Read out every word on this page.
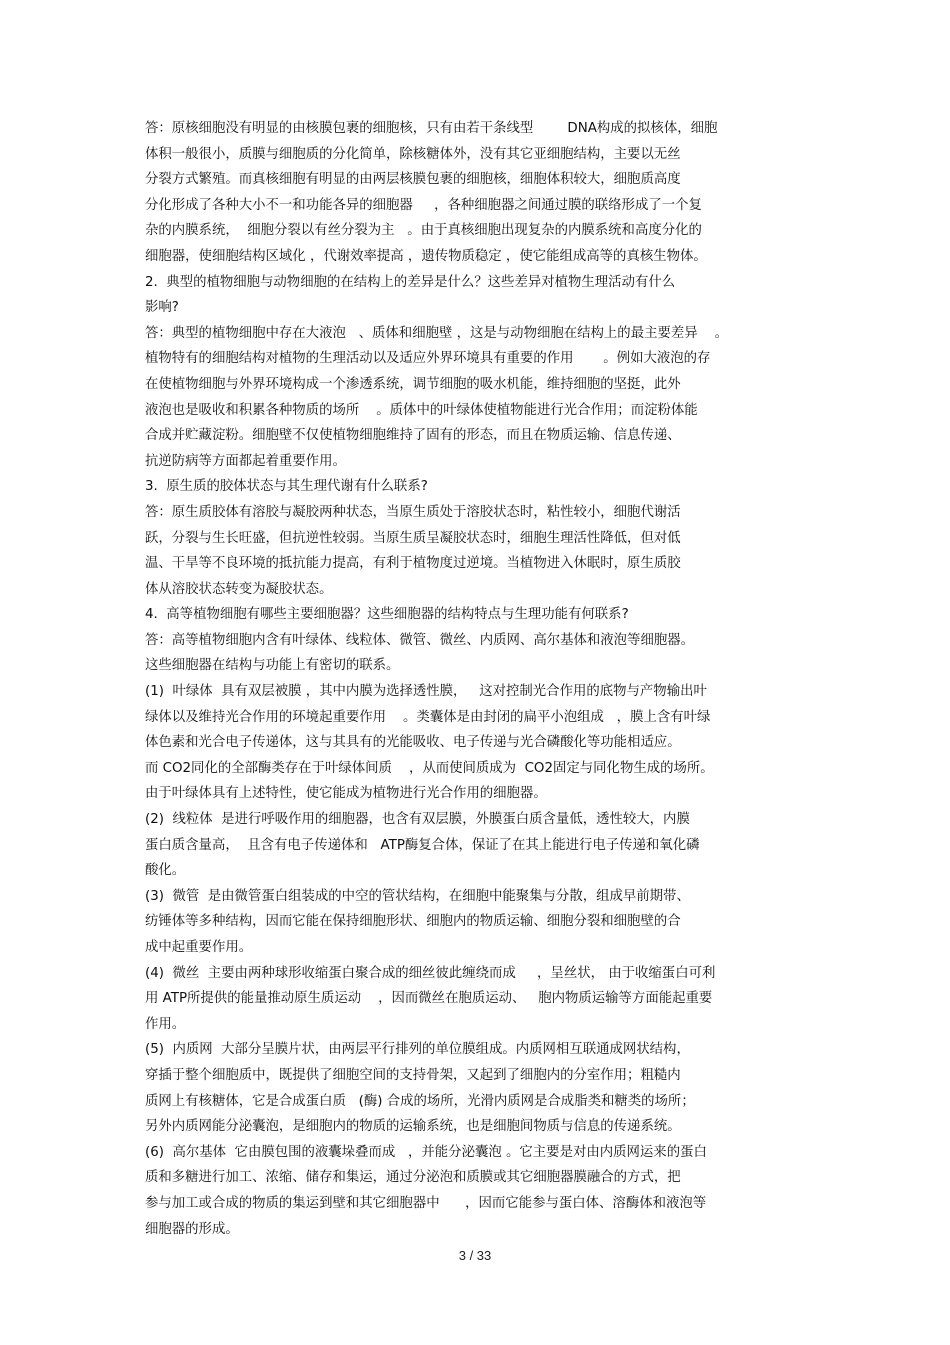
答：原核细胞没有明显的由核膜包裹的细胞核，只有由若干条线型        DNA构成的拟核体，细胞
体积一般很小，质膜与细胞质的分化简单，除核糖体外，没有其它亚细胞结构，主要以无丝
分裂方式繁殖。而真核细胞有明显的由两层核膜包裹的细胞核，细胞体积较大，细胞质高度
分化形成了各种大小不一和功能各异的细胞器     ，各种细胞器之间通过膜的联络形成了一个复
杂的内膜系统，  细胞分裂以有丝分裂为主   。由于真核细胞出现复杂的内膜系统和高度分化的
细胞器，使细胞结构区域化 ，代谢效率提高 ，遗传物质稳定 ，使它能组成高等的真核生物体。
2.  典型的植物细胞与动物细胞的在结构上的差异是什么？这些差异对植物生理活动有什么
影响?
答：典型的植物细胞中存在大液泡   、质体和细胞壁 ，这是与动物细胞在结构上的最主要差异    。
植物特有的细胞结构对植物的生理活动以及适应外界环境具有重要的作用       。例如大液泡的存
在使植物细胞与外界环境构成一个渗透系统，调节细胞的吸水机能，维持细胞的坚挺，此外
液泡也是吸收和积累各种物质的场所    。质体中的叶绿体使植物能进行光合作用；而淀粉体能
合成并贮藏淀粉。细胞壁不仅使植物细胞维持了固有的形态，而且在物质运输、信息传递、
抗逆防病等方面都起着重要作用。
3.  原生质的胶体状态与其生理代谢有什么联系?
答：原生质胶体有溶胶与凝胶两种状态，当原生质处于溶胶状态时，粘性较小，细胞代谢活
跃，分裂与生长旺盛，但抗逆性较弱。当原生质呈凝胶状态时，细胞生理活性降低，但对低
温、干旱等不良环境的抵抗能力提高，有利于植物度过逆境。当植物进入休眠时，原生质胶
体从溶胶状态转变为凝胶状态。
4.  高等植物细胞有哪些主要细胞器？这些细胞器的结构特点与生理功能有何联系?
答：高等植物细胞内含有叶绿体、线粒体、微管、微丝、内质网、高尔基体和液泡等细胞器。
这些细胞器在结构与功能上有密切的联系。
(1)  叶绿体  具有双层被膜 ，其中内膜为选择透性膜，   这对控制光合作用的底物与产物输出叶
绿体以及维持光合作用的环境起重要作用    。类囊体是由封闭的扁平小泡组成   ，膜上含有叶绿
体色素和光合电子传递体，这与其具有的光能吸收、电子传递与光合磷酸化等功能相适应。
而 CO2同化的全部酶类存在于叶绿体间质    ，从而使间质成为  CO2固定与同化物生成的场所。
由于叶绿体具有上述特性，使它能成为植物进行光合作用的细胞器。
(2)  线粒体  是进行呼吸作用的细胞器，也含有双层膜，外膜蛋白质含量低，透性较大，内膜
蛋白质含量高，  且含有电子传递体和   ATP酶复合体，保证了在其上能进行电子传递和氧化磷
酸化。
(3)  微管  是由微管蛋白组装成的中空的管状结构，在细胞中能聚集与分散，组成早前期带、
纺锤体等多种结构，因而它能在保持细胞形状、细胞内的物质运输、细胞分裂和细胞壁的合
成中起重要作用。
(4)  微丝  主要由两种球形收缩蛋白聚合成的细丝彼此缠绕而成     ，呈丝状， 由于收缩蛋白可利
用 ATP所提供的能量推动原生质运动    ，因而微丝在胞质运动、   胞内物质运输等方面能起重要
作用。
(5)  内质网  大部分呈膜片状，由两层平行排列的单位膜组成。内质网相互联通成网状结构，
穿插于整个细胞质中，既提供了细胞空间的支持骨架，又起到了细胞内的分室作用；粗糙内
质网上有核糖体，它是合成蛋白质   (酶) 合成的场所，光滑内质网是合成脂类和糖类的场所；
另外内质网能分泌囊泡，是细胞内的物质的运输系统，也是细胞间物质与信息的传递系统。
(6)  高尔基体  它由膜包围的液囊垛叠而成   ，并能分泌囊泡 。它主要是对由内质网运来的蛋白
质和多糖进行加工、浓缩、储存和集运，通过分泌泡和质膜或其它细胞器膜融合的方式，把
参与加工或合成的物质的集运到壁和其它细胞器中      ，因而它能参与蛋白体、溶酶体和液泡等
细胞器的形成。
3 / 33
